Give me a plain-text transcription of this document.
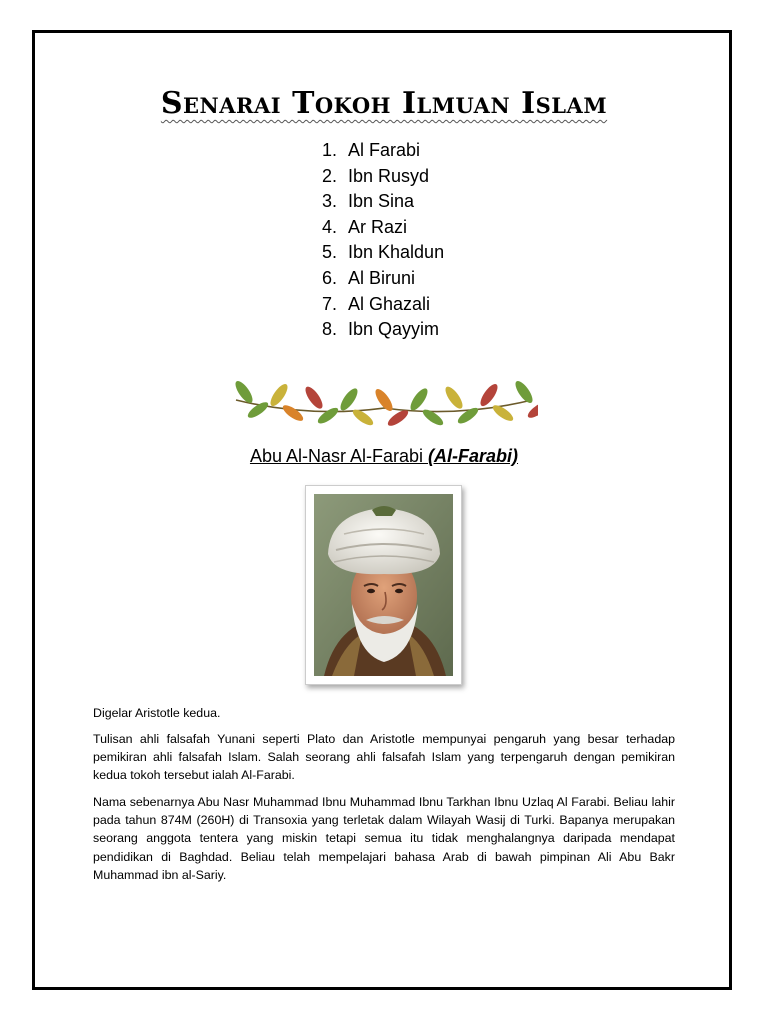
Senarai Tokoh Ilmuan Islam
1. Al Farabi
2. Ibn Rusyd
3. Ibn Sina
4. Ar Razi
5. Ibn Khaldun
6. Al Biruni
7. Al Ghazali
8. Ibn Qayyim
Abu Al-Nasr Al-Farabi (Al-Farabi)

Digelar Aristotle kedua.

Tulisan ahli falsafah Yunani seperti Plato dan Aristotle mempunyai pengaruh yang besar terhadap pemikiran ahli falsafah Islam. Salah seorang ahli falsafah Islam yang terpengaruh dengan pemikiran kedua tokoh tersebut ialah Al-Farabi.

Nama sebenarnya Abu Nasr Muhammad Ibnu Muhammad Ibnu Tarkhan Ibnu Uzlaq Al Farabi. Beliau lahir pada tahun 874M (260H) di Transoxia yang terletak dalam Wilayah Wasij di Turki. Bapanya merupakan seorang anggota tentera yang miskin tetapi semua itu tidak menghalangnya daripada mendapat pendidikan di Baghdad. Beliau telah mempelajari bahasa Arab di bawah pimpinan Ali Abu Bakr Muhammad ibn al-Sariy.
